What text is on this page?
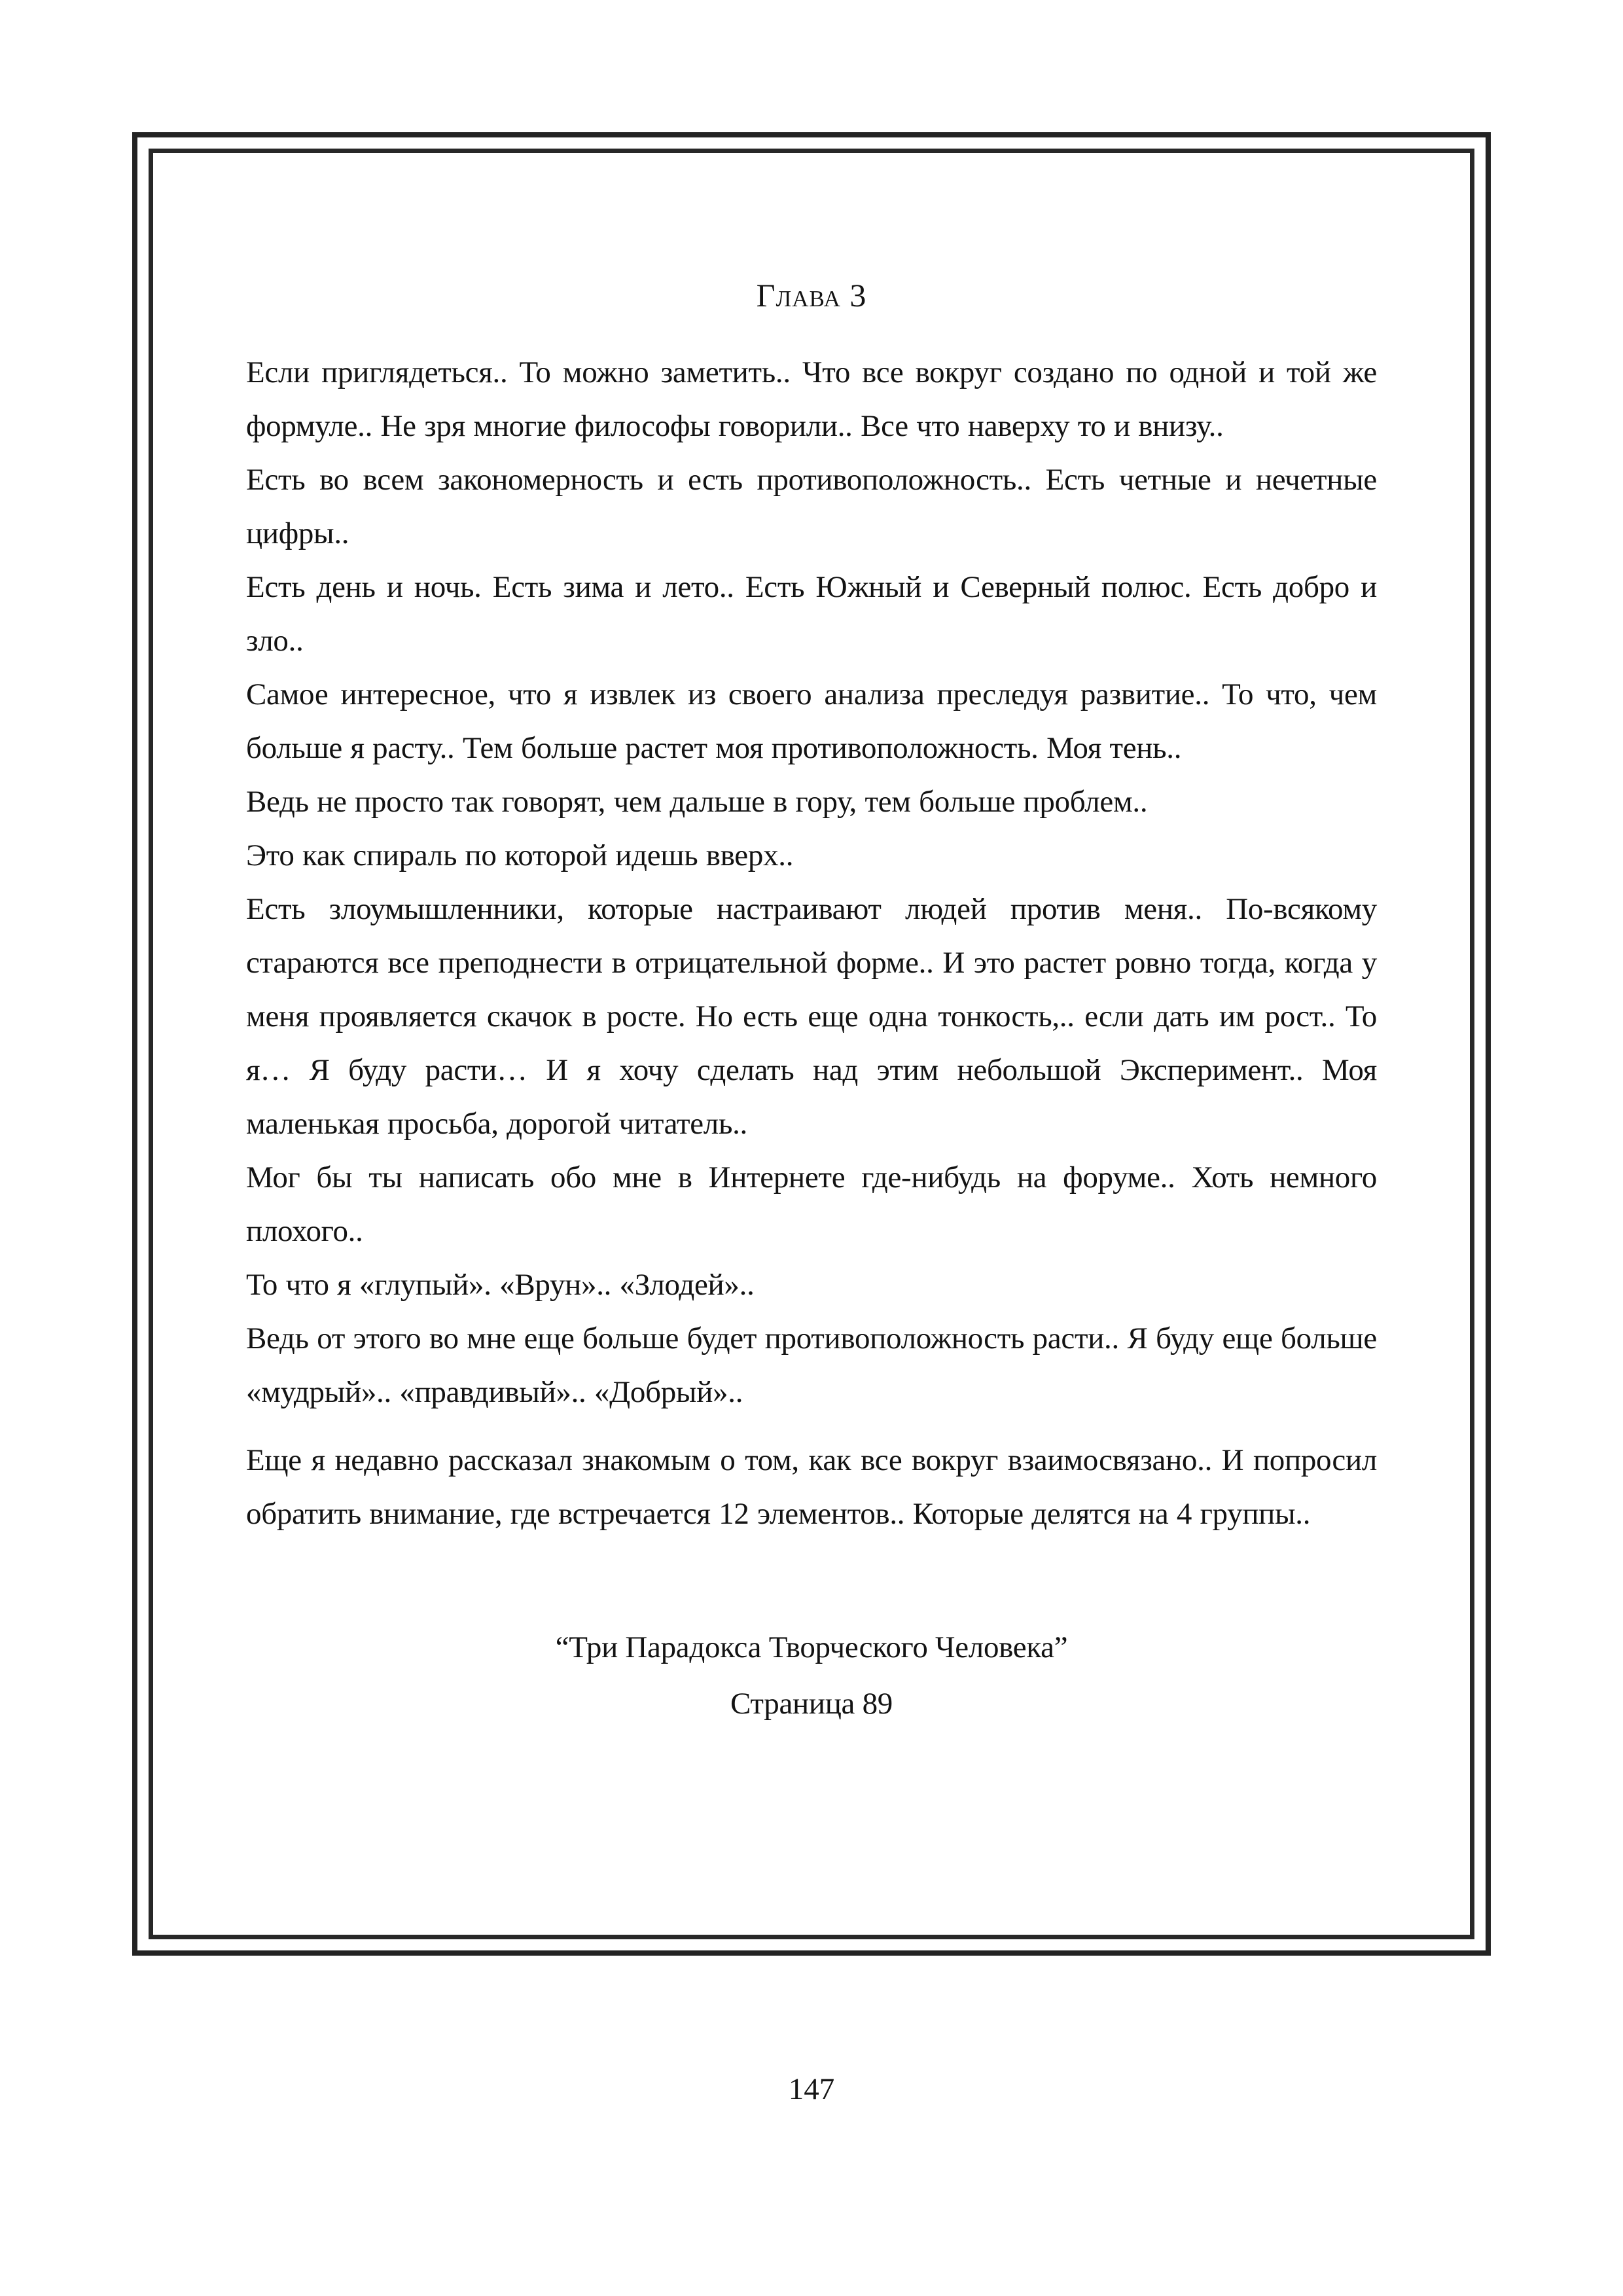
Глава 3

Если приглядеться.. То можно заметить.. Что все вокруг создано по одной и той же формуле.. Не зря многие философы говорили.. Все что наверху то и внизу..

Есть во всем закономерность и есть противоположность.. Есть четные и нечетные цифры..

Есть день и ночь. Есть зима и лето.. Есть Южный и Северный полюс. Есть добро и зло..

Самое интересное, что я извлек из своего анализа преследуя развитие.. То что, чем больше я расту.. Тем больше растет моя противоположность. Моя тень..

Ведь не просто так говорят, чем дальше в гору, тем больше проблем..

Это как спираль по которой идешь вверх..

Есть злоумышленники, которые настраивают людей против меня.. По-всякому стараются все преподнести в отрицательной форме.. И это растет ровно тогда, когда у меня проявляется скачок в росте. Но есть еще одна тонкость,.. если дать им рост.. То я… Я буду расти… И я хочу сделать над этим небольшой Эксперимент.. Моя маленькая просьба, дорогой читатель..

Мог бы ты написать обо мне в Интернете где-нибудь на форуме.. Хоть немного плохого..

То что я «глупый». «Врун».. «Злодей»..

Ведь от этого во мне еще больше будет противоположность расти.. Я буду еще больше «мудрый».. «правдивый».. «Добрый»..

Еще я недавно рассказал знакомым о том, как все вокруг взаимосвязано.. И попросил обратить внимание, где встречается 12 элементов.. Которые делятся на 4 группы..

“Три Парадокса Творческого Человека”

Страница 89

147
